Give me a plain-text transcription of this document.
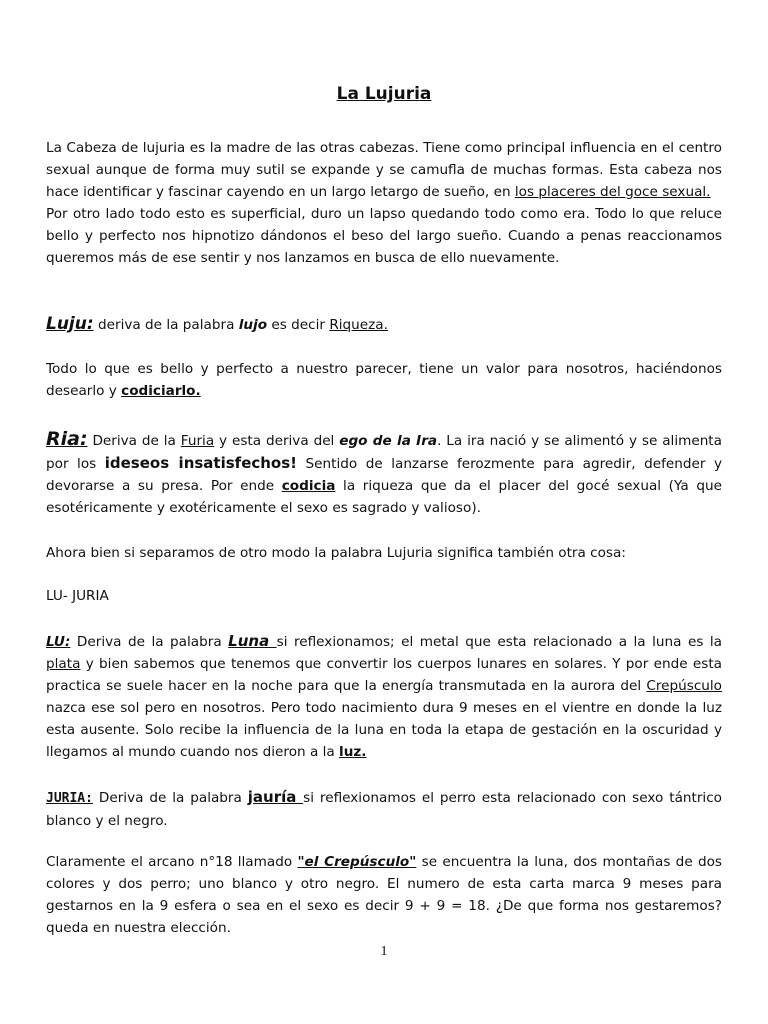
La Lujuria

La Cabeza de lujuria es la madre de las otras cabezas. Tiene como principal influencia en el centro sexual aunque de forma muy sutil se expande y se camufla de muchas formas. Esta cabeza nos hace identificar y fascinar cayendo en un largo letargo de sueño, en los placeres del goce sexual.
Por otro lado todo esto es superficial, duro un lapso quedando todo como era. Todo lo que reluce bello y perfecto nos hipnotizo dándonos el beso del largo sueño. Cuando a penas reaccionamos queremos más de ese sentir y nos lanzamos en busca de ello nuevamente.

Luju: deriva de la palabra lujo es decir Riqueza.

Todo lo que es bello y perfecto a nuestro parecer, tiene un valor para nosotros, haciéndonos desearlo y codiciarlo.

Ria: Deriva de la Furia y esta deriva del ego de la Ira. La ira nació y se alimentó y se alimenta por los ideseos insatisfechos! Sentido de lanzarse ferozmente para agredir, defender y devorarse a su presa. Por ende codicia la riqueza que da el placer del gocé sexual (Ya que esotéricamente y exotéricamente el sexo es sagrado y valioso).

Ahora bien si separamos de otro modo la palabra Lujuria significa también otra cosa:

LU- JURIA

LU: Deriva de la palabra Luna si reflexionamos; el metal que esta relacionado a la luna es la plata y bien sabemos que tenemos que convertir los cuerpos lunares en solares. Y por ende esta practica se suele hacer en la noche para que la energía transmutada en la aurora del Crepúsculo nazca ese sol pero en nosotros. Pero todo nacimiento dura 9 meses en el vientre en donde la luz esta ausente. Solo recibe la influencia de la luna en toda la etapa de gestación en la oscuridad y llegamos al mundo cuando nos dieron a la luz.

JURIA: Deriva de la palabra jauría si reflexionamos el perro esta relacionado con sexo tántrico blanco y el negro.

Claramente el arcano n°18 llamado "el Crepúsculo" se encuentra la luna, dos montañas de dos colores y dos perro; uno blanco y otro negro. El numero de esta carta marca 9 meses para gestarnos en la 9 esfera o sea en el sexo es decir 9 + 9 = 18. ¿De que forma nos gestaremos? queda en nuestra elección.

1
